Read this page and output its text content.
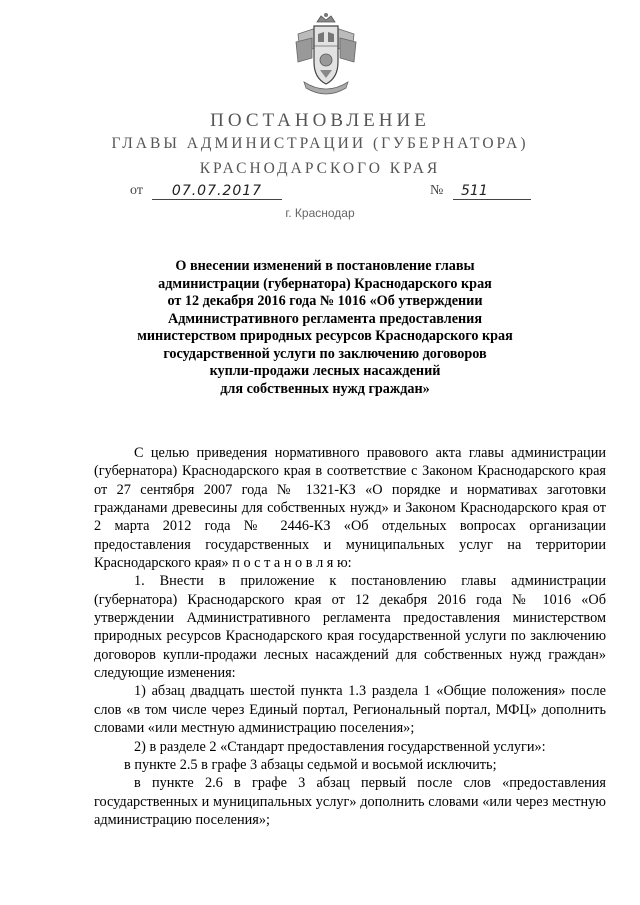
ПОСТАНОВЛЕНИЕ
ГЛАВЫ АДМИНИСТРАЦИИ (ГУБЕРНАТОРА)
КРАСНОДАРСКОГО КРАЯ
от	07.07.2017	№	511
г. Краснодар
О внесении изменений в постановление главы
администрации (губернатора) Краснодарского края
от 12 декабря 2016 года № 1016 «Об утверждении
Административного регламента предоставления
министерством природных ресурсов Краснодарского края
государственной услуги по заключению договоров
купли-продажи лесных насаждений
для собственных нужд граждан»

С целью приведения нормативного правового акта главы администрации (губернатора) Краснодарского края в соответствие с Законом Краснодарского края от 27 сентября 2007 года № 1321-КЗ «О порядке и нормативах заготовки гражданами древесины для собственных нужд» и Законом Краснодарского края от 2 марта 2012 года № 2446-КЗ «Об отдельных вопросах организации предоставления государственных и муниципальных услуг на территории Краснодарского края» п о с т а н о в л я ю:

1. Внести в приложение к постановлению главы администрации (губернатора) Краснодарского края от 12 декабря 2016 года № 1016 «Об утверждении Административного регламента предоставления министерством природных ресурсов Краснодарского края государственной услуги по заключению договоров купли-продажи лесных насаждений для собственных нужд граждан» следующие изменения:

1) абзац двадцать шестой пункта 1.3 раздела 1 «Общие положения» после слов «в том числе через Единый портал, Региональный портал, МФЦ» дополнить словами «или местную администрацию поселения»;

2) в разделе 2 «Стандарт предоставления государственной услуги»:

в пункте 2.5 в графе 3 абзацы седьмой и восьмой исключить;

в пункте 2.6 в графе 3 абзац первый после слов «предоставления государственных и муниципальных услуг» дополнить словами «или через местную администрацию поселения»;
